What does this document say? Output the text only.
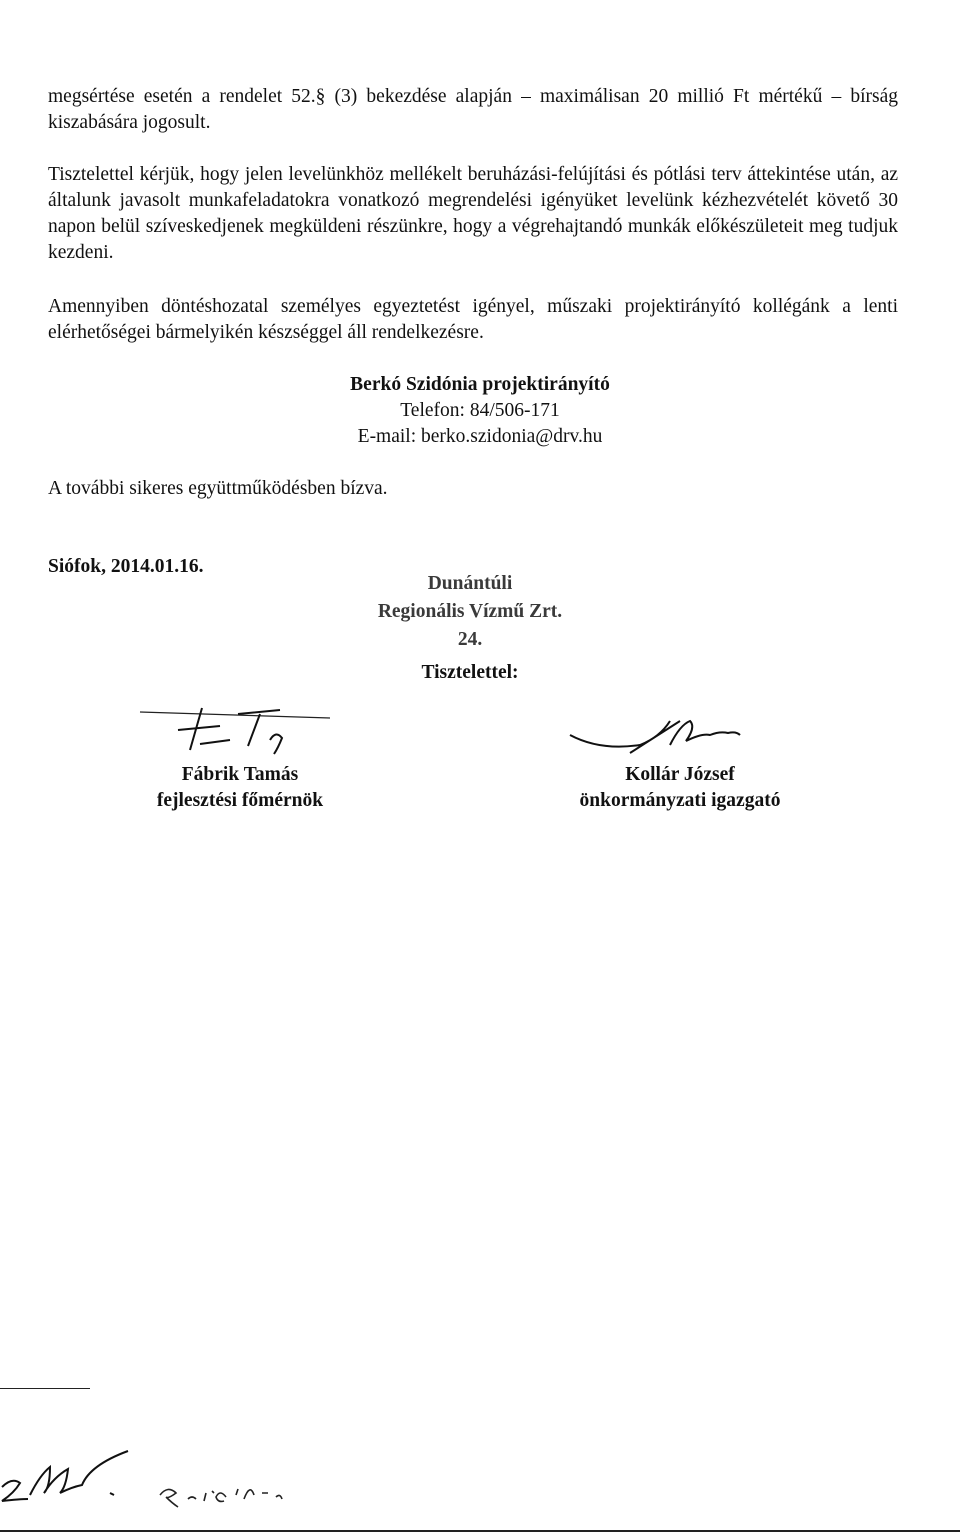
megsértése esetén a rendelet 52.§ (3) bekezdése alapján – maximálisan 20 millió Ft mértékű – bírság kiszabására jogosult.

Tisztelettel kérjük, hogy jelen levelünkhöz mellékelt beruházási-felújítási és pótlási terv áttekintése után, az általunk javasolt munkafeladatokra vonatkozó megrendelési igényüket levelünk kézhezvételét követő 30 napon belül szíveskedjenek megküldeni részünkre, hogy a végrehajtandó munkák előkészületeit meg tudjuk kezdeni.

Amennyiben döntéshozatal személyes egyeztetést igényel, műszaki projektirányító kollégánk a lenti elérhetőségei bármelyikén készséggel áll rendelkezésre.

Berkó Szidónia projektirányító
Telefon: 84/506-171
E-mail: berko.szidonia@drv.hu
A további sikeres együttműködésben bízva.
Siófok, 2014.01.16.
Dunántúli
Regionális Vízmű Zrt.
24.
Tisztelettel:
Fábrik Tamás
fejlesztési főmérnök
Kollár József
önkormányzati igazgató
